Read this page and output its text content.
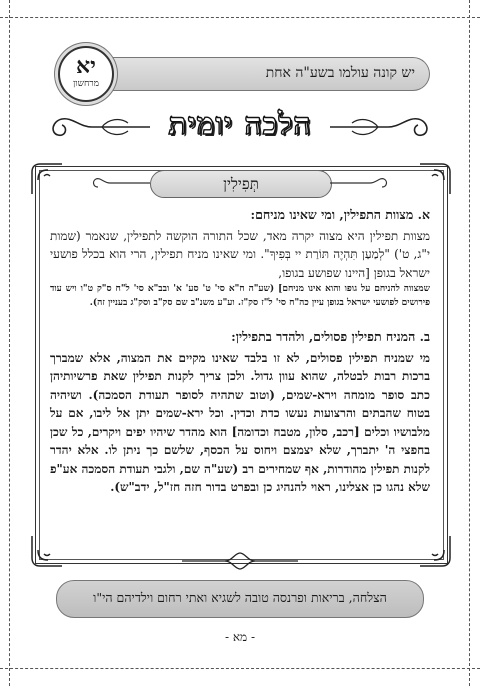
יש קונה עולמו בשע"ה אחת
יא
מרחשון
הלכה יומית
תְּפִילִין

א. מצוות התפילין, ומי שאינו מניחם:

מצוות תפילין היא מצוה יקרה מאד, שכל התורה הוקשה לתפילין, שנאמר (שמות י"ג, ט') "לְמַעַן תִּהְיֶה תּוֹרַת יי בְּפִיךָ". ומי שאינו מניח תפילין, הרי הוא בכלל פושעי ישראל בגופן [היינו שפושע בגופו,

שמצווה להניחם על גופו והוא אינו מניחם] (שע"ה ח"א סי' ט' סע' א' ובב"א סי' ל"ח ס"ק ט"ו ויש עוד פירושים לפושעי ישראל בגופן עיין כה"ח סי' ל"ז סק"ז. וע"ע משנ"ב שם סק"ב וסק"ג בעניין זה).

ב. המניח תפילין פסולים, ולהדר בתפילין:

מי שמניח תפילין פסולים, לא זו בלבד שאינו מקיים את המצוה, אלא שמברך ברכות רבות לבטלה, שהוא עוון גדול. ולכן צריך לקנות תפילין שאת פרשיותיהן כתב סופר מומחה וירא-שמים, (וטוב שתהיה לסופר תעודת הסמכה). ושיהיה בטוח שהבתים והרצועות נעשו כדת וכדין. וכל ירא-שמים יתן אל ליבו, אם על מלבושיו וכלים [רכב, סלון, מטבח וכדומה] הוא מהדר שיהיו יפים ויקרים, כל שכן בחפצי ה' יתברך, שלא יצמצם ויחוס על הכסף, שלשם כך ניתן לו. אלא יהדר לקנות תפילין מהודרות, אף שמחירים רב (שע"ה שם, ולגבי תעודת הסמכה אע"פ שלא נהגו כן אצלינו, ראוי להנהיג כן ובפרט בדור חזה חז"ל, ידב"ש).

הצלחה, בריאות ופרנסה טובה לשגיא ואתי רחום וילדיהם הי"ו
- מא -
